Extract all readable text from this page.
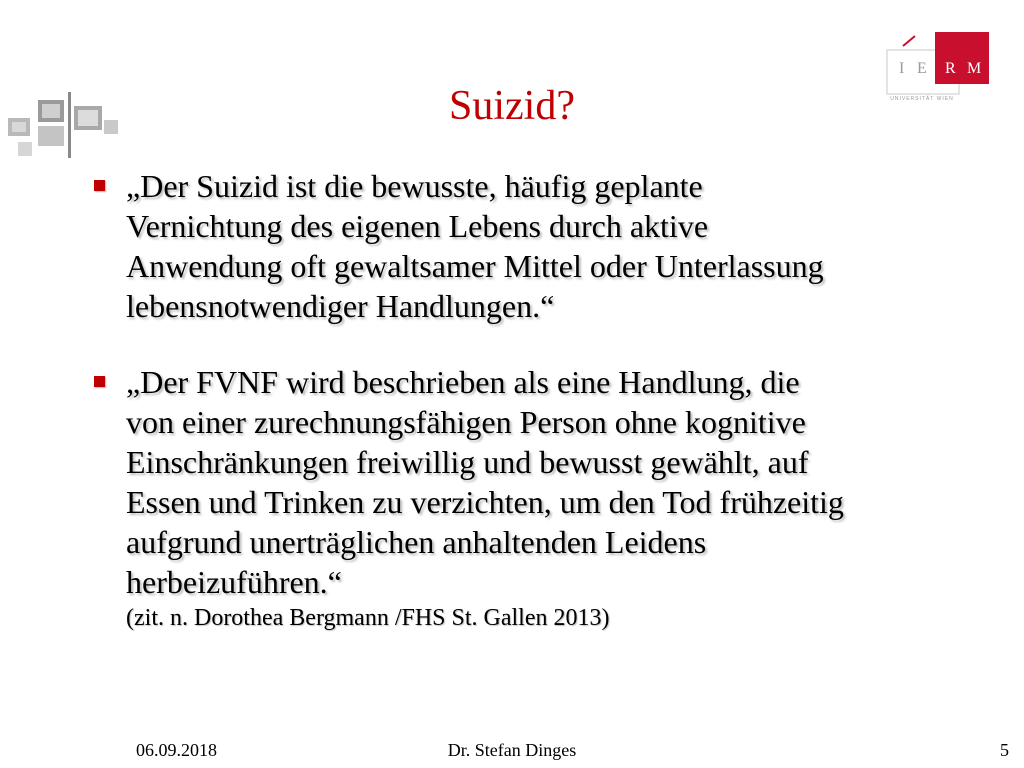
I E R M
UNIVERSITÄT WIEN
Suizid?
„Der Suizid ist die bewusste, häufig geplante
Vernichtung des eigenen Lebens durch aktive
Anwendung oft gewaltsamer Mittel oder Unterlassung
lebensnotwendiger Handlungen.“
„Der FVNF wird beschrieben als eine Handlung, die
von einer zurechnungsfähigen Person ohne kognitive
Einschränkungen freiwillig und bewusst gewählt, auf
Essen und Trinken zu verzichten, um den Tod frühzeitig
aufgrund unerträglichen anhaltenden Leidens
herbeizuführen.“
(zit. n. Dorothea Bergmann /FHS St. Gallen 2013)
06.09.2018	Dr. Stefan Dinges	5
